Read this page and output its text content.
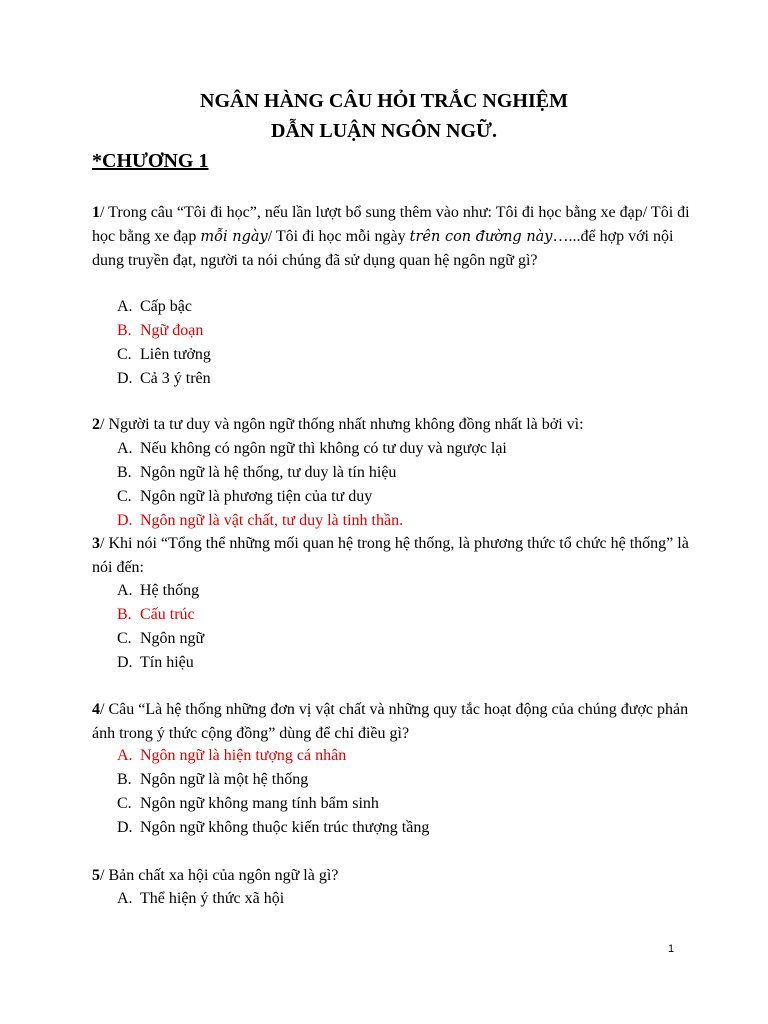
NGÂN HÀNG CÂU HỎI TRẮC NGHIỆM
DẪN LUẬN NGÔN NGỮ.
*CHƯƠNG 1

1/ Trong câu “Tôi đi học”, nếu lần lượt bổ sung thêm vào như: Tôi đi học bằng xe đạp/ Tôi đi học bằng xe đạp mỗi ngày/ Tôi đi học mỗi ngày trên con đường này…...để hợp với nội dung truyền đạt, người ta nói chúng đã sử dụng quan hệ ngôn ngữ gì?

A. Cấp bậc
B. Ngữ đoạn
C. Liên tưởng
D. Cả 3 ý trên

2/ Người ta tư duy và ngôn ngữ thống nhất nhưng không đồng nhất là bởi vì:

A. Nếu không có ngôn ngữ thì không có tư duy và ngược lại
B. Ngôn ngữ là hệ thống, tư duy là tín hiệu
C. Ngôn ngữ là phương tiện của tư duy
D. Ngôn ngữ là vật chất, tư duy là tinh thần.

3/ Khi nói “Tổng thể những mối quan hệ trong hệ thống, là phương thức tổ chức hệ thống” là nói đến:

A. Hệ thống
B. Cấu trúc
C. Ngôn ngữ
D. Tín hiệu

4/ Câu “Là hệ thống những đơn vị vật chất và những quy tắc hoạt động của chúng được phản ánh trong ý thức cộng đồng” dùng để chỉ điều gì?

A. Ngôn ngữ là hiện tượng cá nhân
B. Ngôn ngữ là một hệ thống
C. Ngôn ngữ không mang tính bẩm sinh
D. Ngôn ngữ không thuộc kiến trúc thượng tầng

5/ Bản chất xa hội của ngôn ngữ là gì?

A. Thể hiện ý thức xã hội
1
